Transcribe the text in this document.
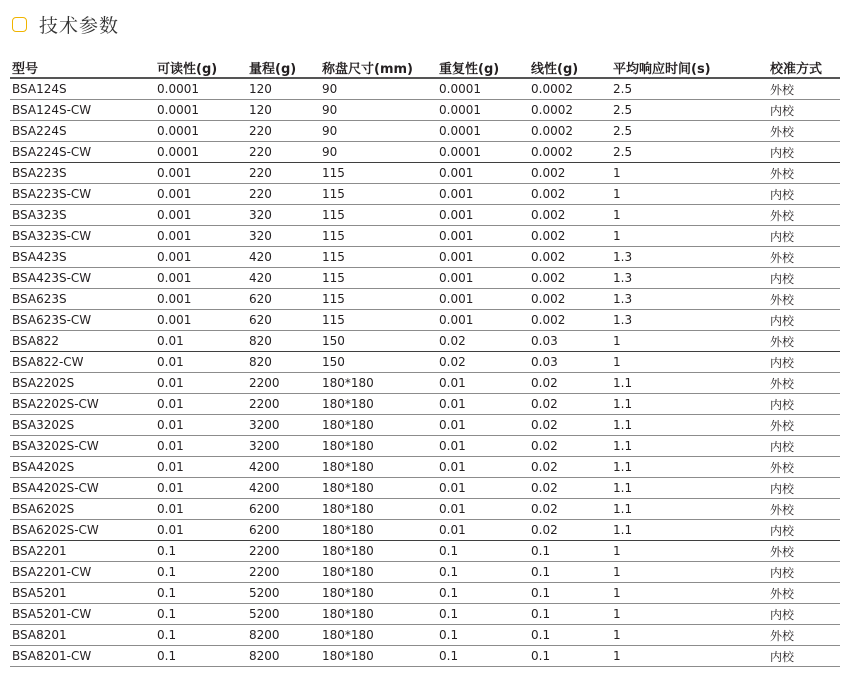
技术参数
型号	可读性(g)	量程(g)	称盘尺寸(mm)	重复性(g)	线性(g)	平均响应时间(s)	校准方式
BSA124S	0.0001	120	90	0.0001	0.0002	2.5	外校
BSA124S-CW	0.0001	120	90	0.0001	0.0002	2.5	内校
BSA224S	0.0001	220	90	0.0001	0.0002	2.5	外校
BSA224S-CW	0.0001	220	90	0.0001	0.0002	2.5	内校
BSA223S	0.001	220	115	0.001	0.002	1	外校
BSA223S-CW	0.001	220	115	0.001	0.002	1	内校
BSA323S	0.001	320	115	0.001	0.002	1	外校
BSA323S-CW	0.001	320	115	0.001	0.002	1	内校
BSA423S	0.001	420	115	0.001	0.002	1.3	外校
BSA423S-CW	0.001	420	115	0.001	0.002	1.3	内校
BSA623S	0.001	620	115	0.001	0.002	1.3	外校
BSA623S-CW	0.001	620	115	0.001	0.002	1.3	内校
BSA822	0.01	820	150	0.02	0.03	1	外校
BSA822-CW	0.01	820	150	0.02	0.03	1	内校
BSA2202S	0.01	2200	180*180	0.01	0.02	1.1	外校
BSA2202S-CW	0.01	2200	180*180	0.01	0.02	1.1	内校
BSA3202S	0.01	3200	180*180	0.01	0.02	1.1	外校
BSA3202S-CW	0.01	3200	180*180	0.01	0.02	1.1	内校
BSA4202S	0.01	4200	180*180	0.01	0.02	1.1	外校
BSA4202S-CW	0.01	4200	180*180	0.01	0.02	1.1	内校
BSA6202S	0.01	6200	180*180	0.01	0.02	1.1	外校
BSA6202S-CW	0.01	6200	180*180	0.01	0.02	1.1	内校
BSA2201	0.1	2200	180*180	0.1	0.1	1	外校
BSA2201-CW	0.1	2200	180*180	0.1	0.1	1	内校
BSA5201	0.1	5200	180*180	0.1	0.1	1	外校
BSA5201-CW	0.1	5200	180*180	0.1	0.1	1	内校
BSA8201	0.1	8200	180*180	0.1	0.1	1	外校
BSA8201-CW	0.1	8200	180*180	0.1	0.1	1	内校
